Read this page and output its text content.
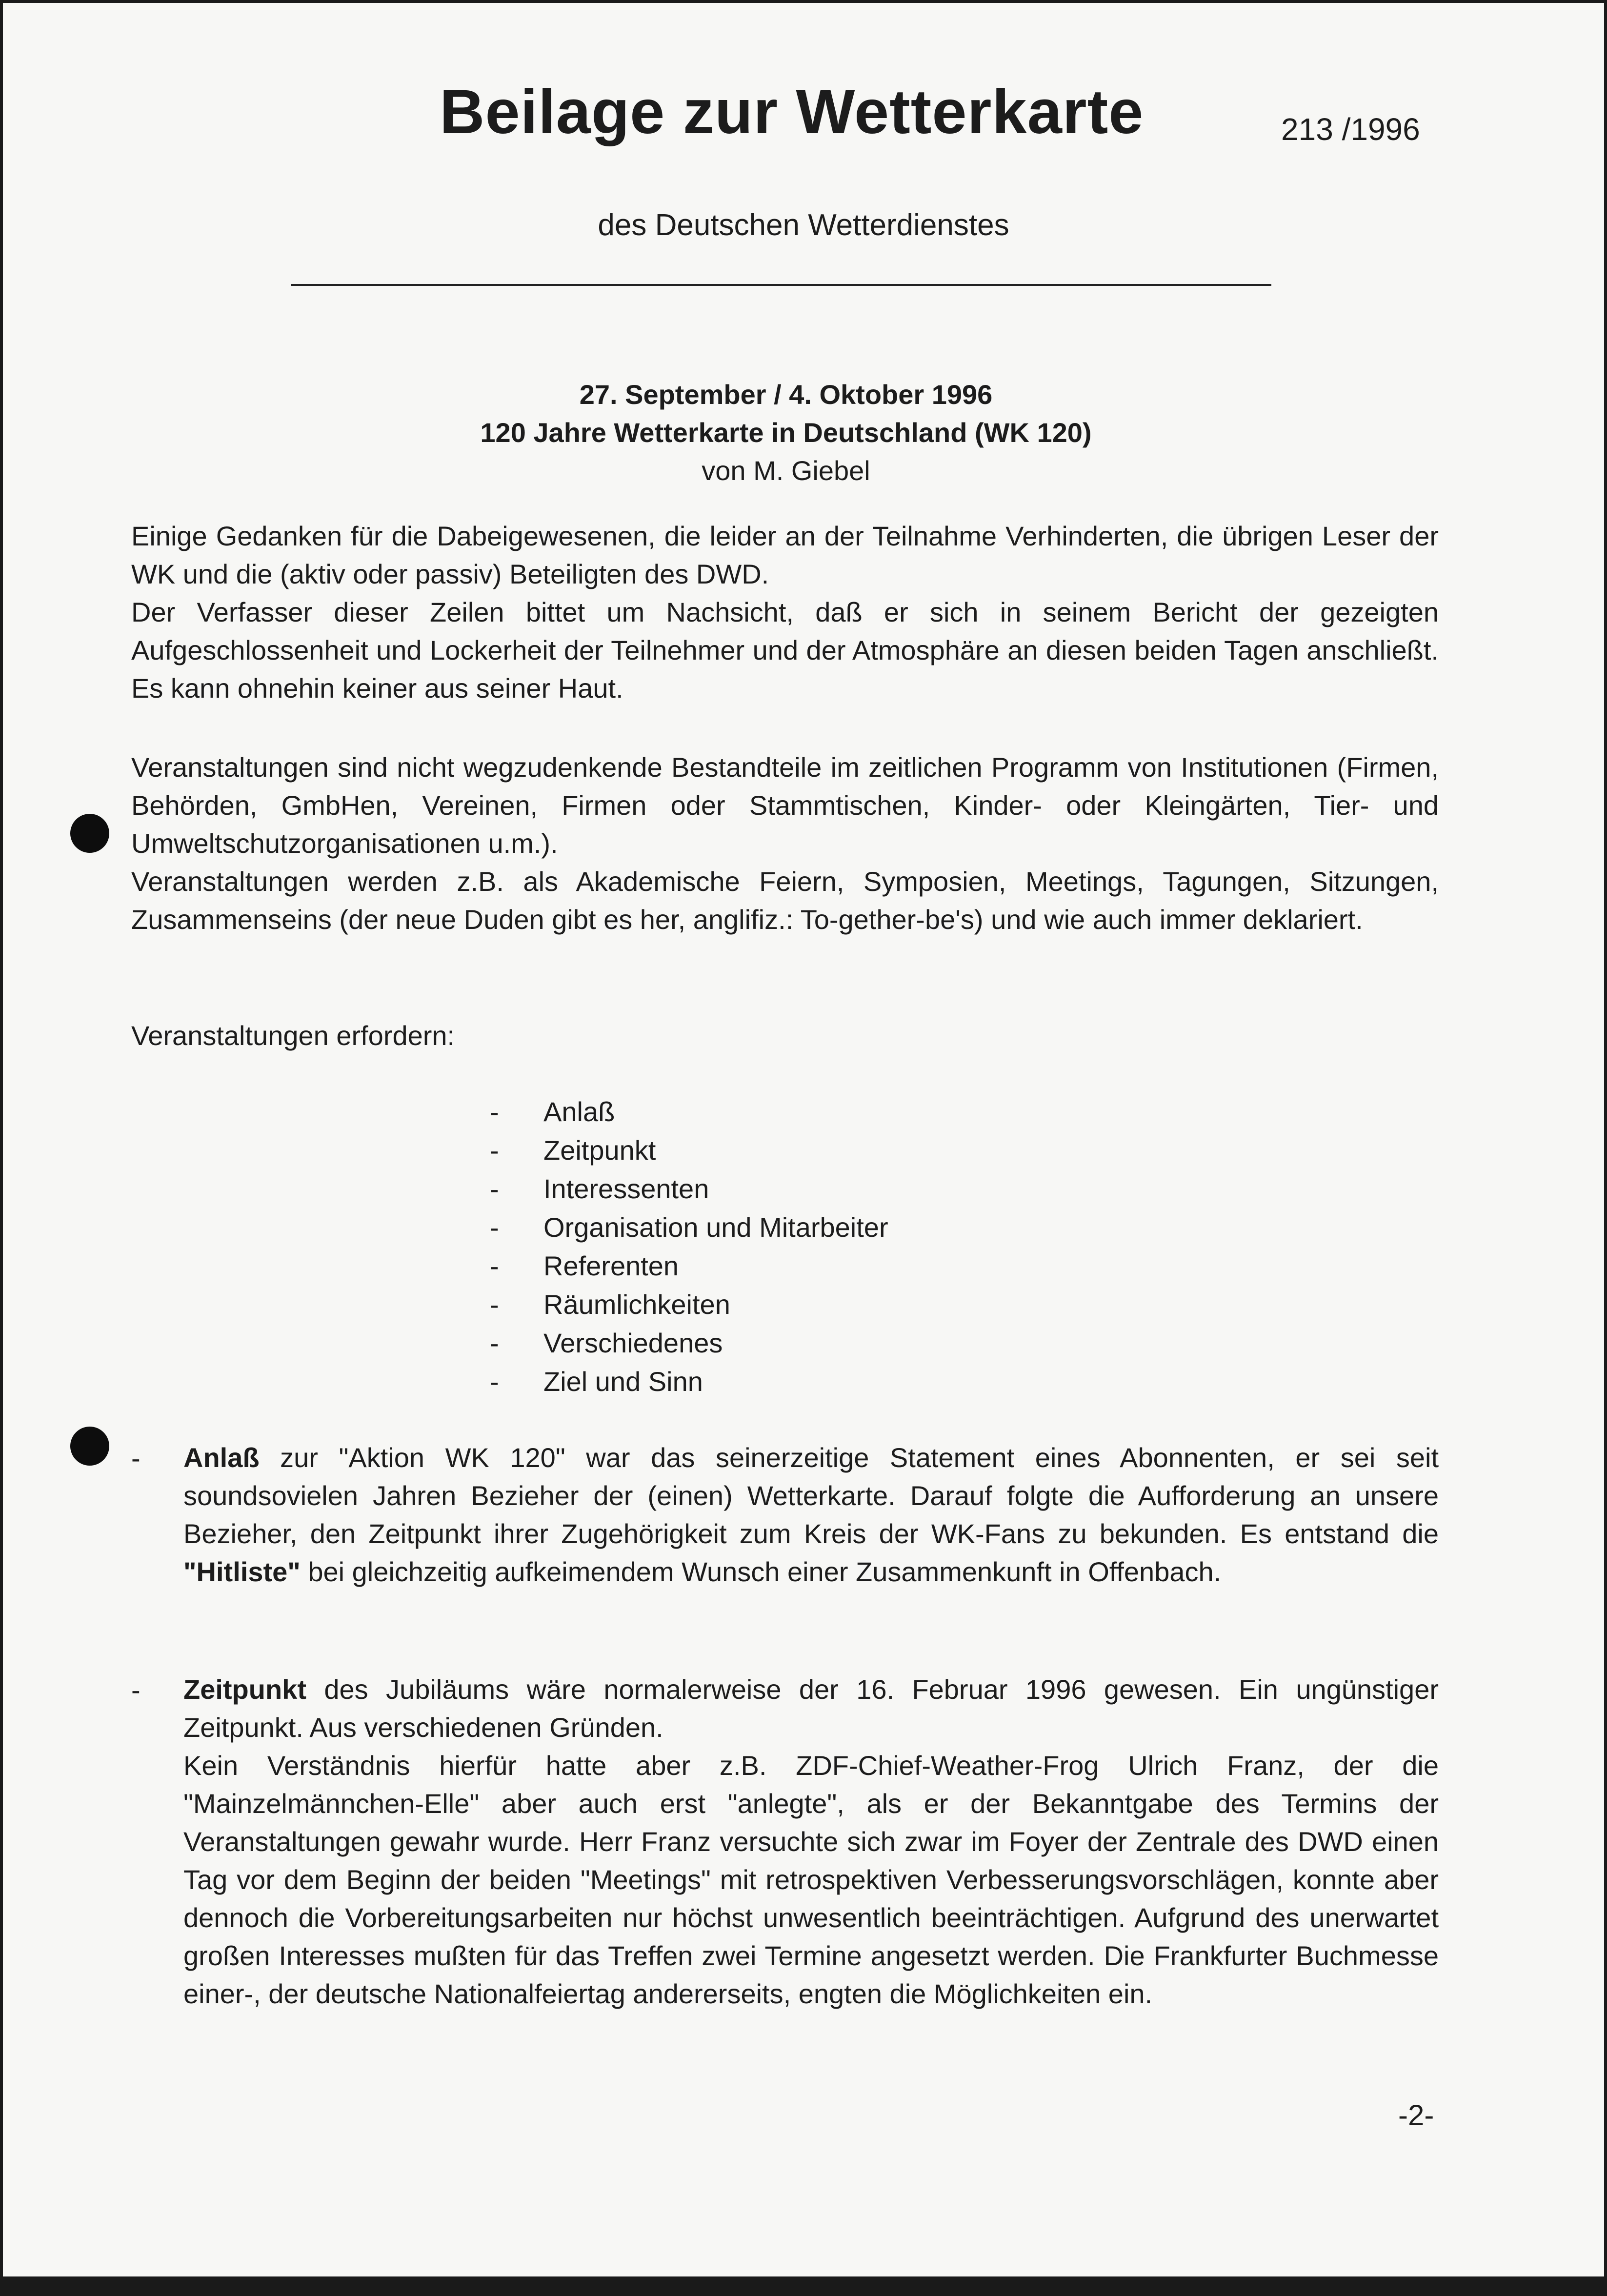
Beilage zur Wetterkarte	213 /1996
des Deutschen Wetterdienstes
27. September / 4. Oktober 1996
120 Jahre Wetterkarte in Deutschland (WK 120)
von M. Giebel

Einige Gedanken für die Dabeigewesenen, die leider an der Teilnahme Verhinderten, die übrigen Leser der WK und die (aktiv oder passiv) Beteiligten des DWD.

Der Verfasser dieser Zeilen bittet um Nachsicht, daß er sich in seinem Bericht der gezeigten Aufgeschlossenheit und Lockerheit der Teilnehmer und der Atmosphäre an diesen beiden Tagen anschließt. Es kann ohnehin keiner aus seiner Haut.

Veranstaltungen sind nicht wegzudenkende Bestandteile im zeitlichen Programm von Institutionen (Firmen, Behörden, GmbHen, Vereinen, Firmen oder Stammtischen, Kinder- oder Kleingärten, Tier- und Umweltschutzorganisationen u.m.).

Veranstaltungen werden z.B. als Akademische Feiern, Symposien, Meetings, Tagungen, Sitzungen, Zusammenseins (der neue Duden gibt es her, anglifiz.: To-gether-be's) und wie auch immer deklariert.

Veranstaltungen erfordern:

- Anlaß
- Zeitpunkt
- Interessenten
- Organisation und Mitarbeiter
- Referenten
- Räumlichkeiten
- Verschiedenes
- Ziel und Sinn
- Anlaß zur "Aktion WK 120" war das seinerzeitige Statement eines Abonnenten, er sei seit soundsovielen Jahren Bezieher der (einen) Wetterkarte. Darauf folgte die Aufforderung an unsere Bezieher, den Zeitpunkt ihrer Zugehörigkeit zum Kreis der WK-Fans zu bekunden. Es entstand die "Hitliste" bei gleichzeitig aufkeimendem Wunsch einer Zusammenkunft in Offenbach.

- Zeitpunkt des Jubiläums wäre normalerweise der 16. Februar 1996 gewesen. Ein ungünstiger Zeitpunkt. Aus verschiedenen Gründen.

Kein Verständnis hierfür hatte aber z.B. ZDF-Chief-Weather-Frog Ulrich Franz, der die "Mainzelmännchen-Elle" aber auch erst "anlegte", als er der Bekanntgabe des Termins der Veranstaltungen gewahr wurde. Herr Franz versuchte sich zwar im Foyer der Zentrale des DWD einen Tag vor dem Beginn der beiden "Meetings" mit retrospektiven Verbesserungsvorschlägen, konnte aber dennoch die Vorbereitungsarbeiten nur höchst unwesentlich beeinträchtigen. Aufgrund des unerwartet großen Interesses mußten für das Treffen zwei Termine angesetzt werden. Die Frankfurter Buchmesse einer-, der deutsche Nationalfeiertag andererseits, engten die Möglichkeiten ein.

-2-
